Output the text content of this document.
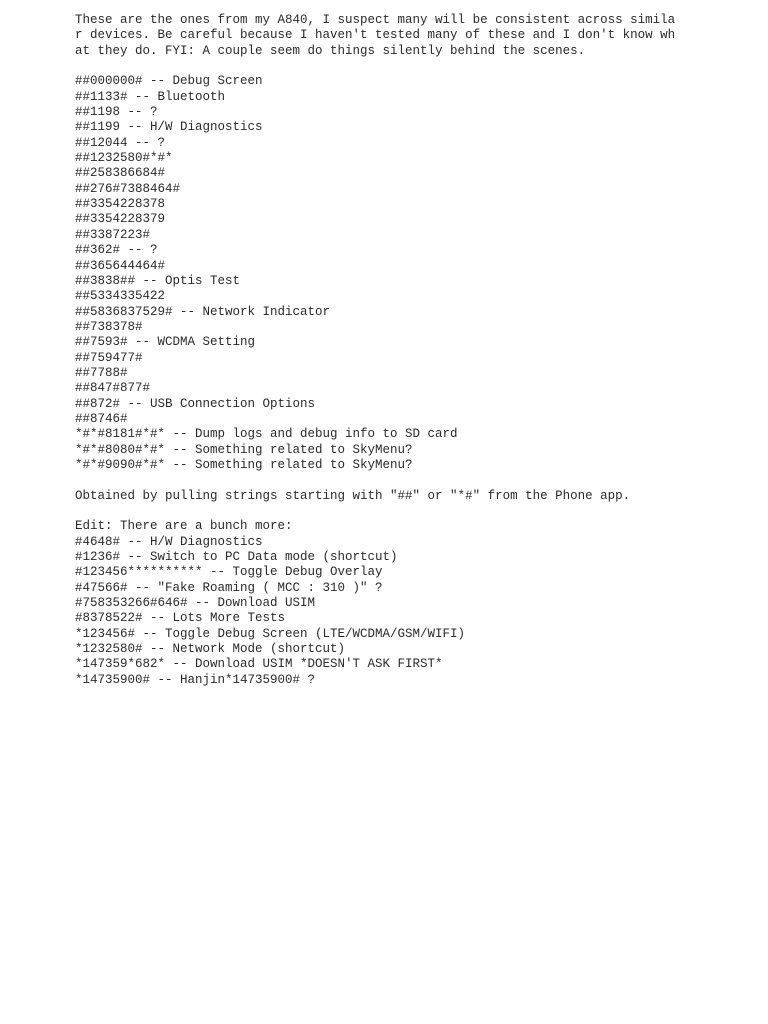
These are the ones from my A840, I suspect many will be consistent across simila
r devices. Be careful because I haven't tested many of these and I don't know wh
at they do. FYI: A couple seem do things silently behind the scenes.
##000000# -- Debug Screen
##1133# -- Bluetooth
##1198 -- ?
##1199 -- H/W Diagnostics
##12044 -- ?
##1232580#*#*
##258386684#
##276#7388464#
##3354228378
##3354228379
##3387223#
##362# -- ?
##365644464#
##3838## -- Optis Test
##5334335422
##5836837529# -- Network Indicator
##738378#
##7593# -- WCDMA Setting
##759477#
##7788#
##847#877#
##872# -- USB Connection Options
##8746#
*#*#8181#*#* -- Dump logs and debug info to SD card
*#*#8080#*#* -- Something related to SkyMenu?
*#*#9090#*#* -- Something related to SkyMenu?
Obtained by pulling strings starting with "##" or "*#" from the Phone app.
Edit: There are a bunch more:
#4648# -- H/W Diagnostics
#1236# -- Switch to PC Data mode (shortcut)
#123456********** -- Toggle Debug Overlay
#47566# -- "Fake Roaming ( MCC : 310 )" ?
#758353266#646# -- Download USIM
#8378522# -- Lots More Tests
*123456# -- Toggle Debug Screen (LTE/WCDMA/GSM/WIFI)
*1232580# -- Network Mode (shortcut)
*147359*682* -- Download USIM *DOESN'T ASK FIRST*
*14735900# -- Hanjin*14735900# ?
